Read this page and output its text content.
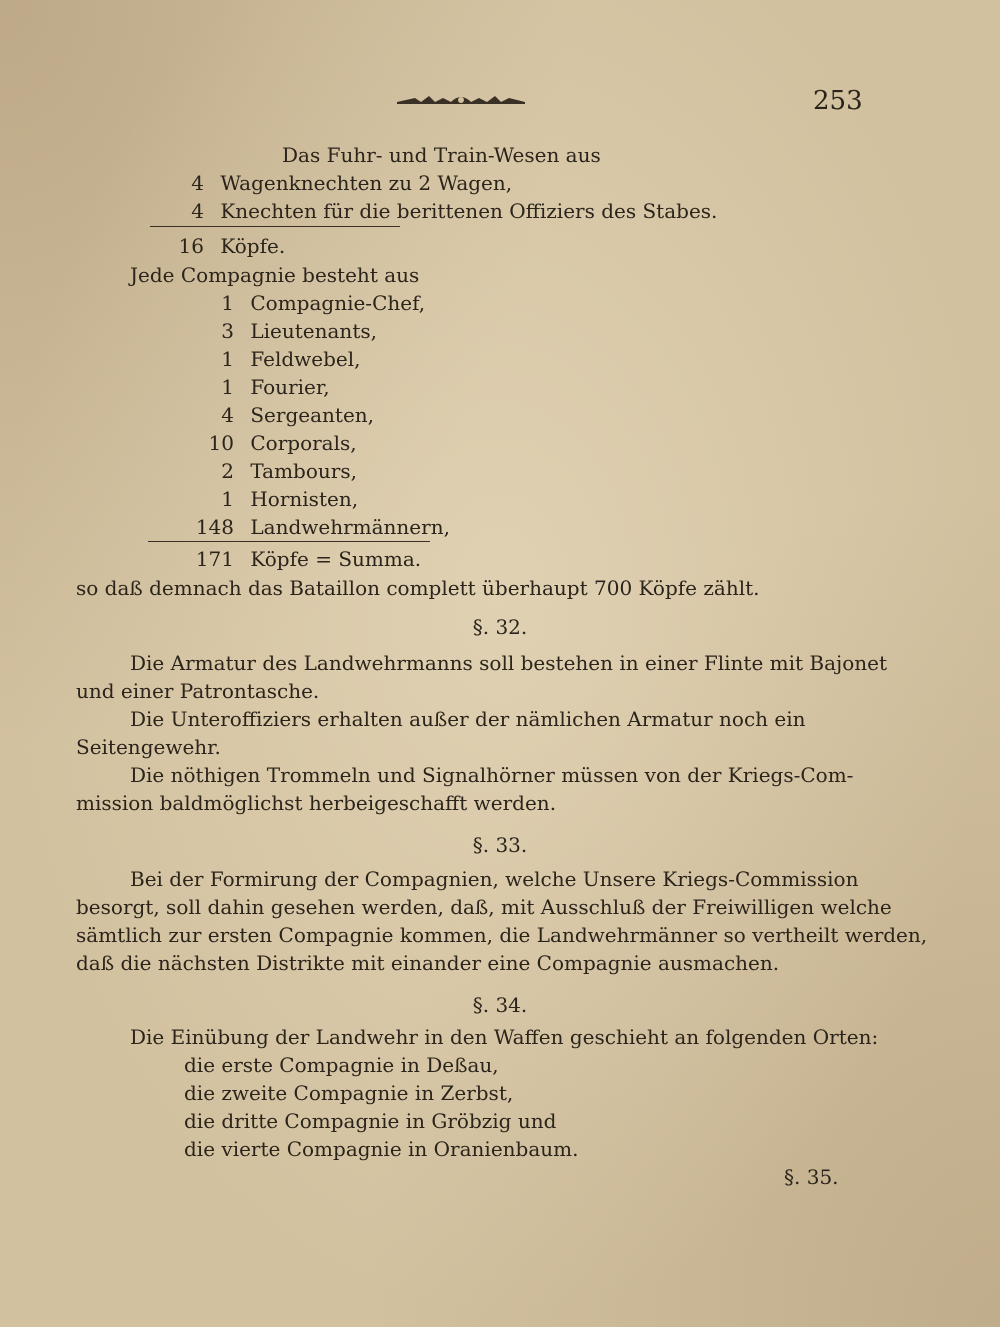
253
Das Fuhr- und Train-Wesen aus
4 Wagenknechten zu 2 Wagen,
4 Knechten für die berittenen Offiziers des Stabes.
16 Köpfe.
Jede Compagnie besteht aus
1 Compagnie-Chef,
3 Lieutenants,
1 Feldwebel,
1 Fourier,
4 Sergeanten,
10 Corporals,
2 Tambours,
1 Hornisten,
148 Landwehrmännern,
171 Köpfe = Summa.
so daß demnach das Bataillon complett überhaupt 700 Köpfe zählt.
§. 32.
Die Armatur des Landwehrmanns soll bestehen in einer Flinte mit Bajonet
und einer Patrontasche.
Die Unteroffiziers erhalten außer der nämlichen Armatur noch ein
Seitengewehr.
Die nöthigen Trommeln und Signalhörner müssen von der Kriegs-Com-
mission baldmöglichst herbeigeschafft werden.
§. 33.
Bei der Formirung der Compagnien, welche Unsere Kriegs-Commission
besorgt, soll dahin gesehen werden, daß, mit Ausschluß der Freiwilligen welche
sämtlich zur ersten Compagnie kommen, die Landwehrmänner so vertheilt werden,
daß die nächsten Distrikte mit einander eine Compagnie ausmachen.
§. 34.
Die Einübung der Landwehr in den Waffen geschieht an folgenden Orten:
die erste Compagnie in Deßau,
die zweite Compagnie in Zerbst,
die dritte Compagnie in Gröbzig und
die vierte Compagnie in Oranienbaum.
§. 35.
